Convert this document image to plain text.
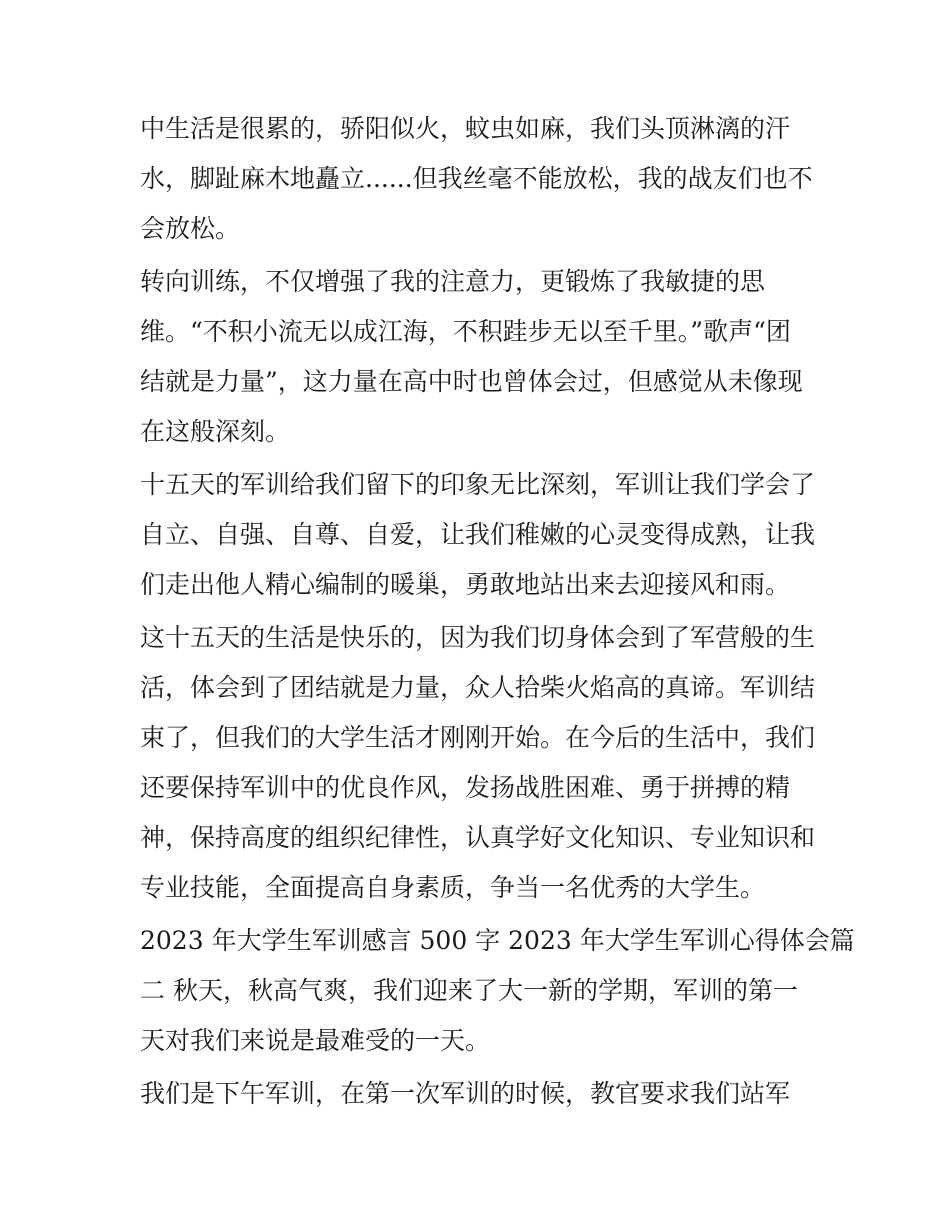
中生活是很累的，骄阳似火，蚊虫如麻，我们头顶淋漓的汗
水，脚趾麻木地矗立......但我丝毫不能放松，我的战友们也不
会放松。
转向训练，不仅增强了我的注意力，更锻炼了我敏捷的思
维。“不积小流无以成江海，不积跬步无以至千里。”歌声“团
结就是力量”，这力量在高中时也曾体会过，但感觉从未像现
在这般深刻。
十五天的军训给我们留下的印象无比深刻，军训让我们学会了
自立、自强、自尊、自爱，让我们稚嫩的心灵变得成熟，让我
们走出他人精心编制的暖巢，勇敢地站出来去迎接风和雨。
这十五天的生活是快乐的，因为我们切身体会到了军营般的生
活，体会到了团结就是力量，众人拾柴火焰高的真谛。军训结
束了，但我们的大学生活才刚刚开始。在今后的生活中，我们
还要保持军训中的优良作风，发扬战胜困难、勇于拼搏的精
神，保持高度的组织纪律性，认真学好文化知识、专业知识和
专业技能，全面提高自身素质，争当一名优秀的大学生。
2023 年大学生军训感言 500 字 2023 年大学生军训心得体会篇
二 秋天，秋高气爽，我们迎来了大一新的学期，军训的第一
天对我们来说是最难受的一天。
我们是下午军训，在第一次军训的时候，教官要求我们站军
